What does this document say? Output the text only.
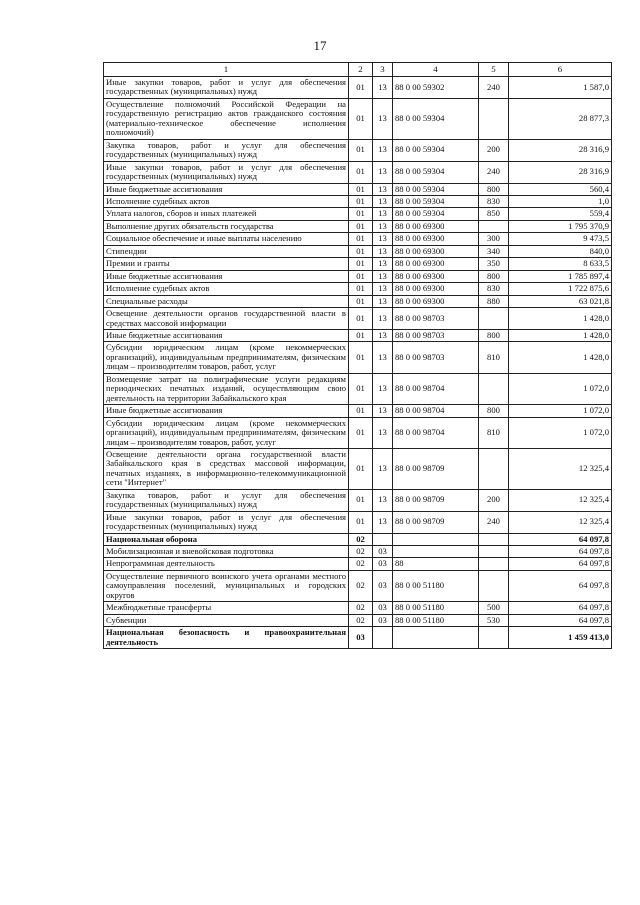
17
1	2	3	4	5	6
Иные закупки товаров, работ и услуг для обеспечения государственных (муниципальных) нужд	01	13	88 0 00 59302	240	1 587,0
Осуществление полномочий Российской Федерации на государственную регистрацию актов гражданского состояния (материально-техническое обеспечение исполнения полномочий)	01	13	88 0 00 59304		28 877,3
Закупка товаров, работ и услуг для обеспечения государственных (муниципальных) нужд	01	13	88 0 00 59304	200	28 316,9
Иные закупки товаров, работ и услуг для обеспечения государственных (муниципальных) нужд	01	13	88 0 00 59304	240	28 316,9
Иные бюджетные ассигнования	01	13	88 0 00 59304	800	560,4
Исполнение судебных актов	01	13	88 0 00 59304	830	1,0
Уплата налогов, сборов и иных платежей	01	13	88 0 00 59304	850	559,4
Выполнение других обязательств государства	01	13	88 0 00 69300		1 795 370,9
Социальное обеспечение и иные выплаты населению	01	13	88 0 00 69300	300	9 473,5
Стипендии	01	13	88 0 00 69300	340	840,0
Премии и гранты	01	13	88 0 00 69300	350	8 633,5
Иные бюджетные ассигнования	01	13	88 0 00 69300	800	1 785 897,4
Исполнение судебных актов	01	13	88 0 00 69300	830	1 722 875,6
Специальные расходы	01	13	88 0 00 69300	880	63 021,8
Освещение деятельности органов государственной власти в средствах массовой информации	01	13	88 0 00 98703		1 428,0
Иные бюджетные ассигнования	01	13	88 0 00 98703	800	1 428,0
Субсидии юридическим лицам (кроме некоммерческих организаций), индивидуальным предпринимателям, физическим лицам – производителям товаров, работ, услуг	01	13	88 0 00 98703	810	1 428,0
Возмещение затрат на полиграфические услуги редакциям периодических печатных изданий, осуществляющим свою деятельность на территории Забайкальского края	01	13	88 0 00 98704		1 072,0
Иные бюджетные ассигнования	01	13	88 0 00 98704	800	1 072,0
Субсидии юридическим лицам (кроме некоммерческих организаций), индивидуальным предпринимателям, физическим лицам – производителям товаров, работ, услуг	01	13	88 0 00 98704	810	1 072,0
Освещение деятельности органа государственной власти Забайкальского края в средствах массовой информации, печатных изданиях, в информационно-телекоммуникационной сети "Интернет"	01	13	88 0 00 98709		12 325,4
Закупка товаров, работ и услуг для обеспечения государственных (муниципальных) нужд	01	13	88 0 00 98709	200	12 325,4
Иные закупки товаров, работ и услуг для обеспечения государственных (муниципальных) нужд	01	13	88 0 00 98709	240	12 325,4
Национальная оборона	02				64 097,8
Мобилизационная и вневойсковая подготовка	02	03			64 097,8
Непрограммная деятельность	02	03	88		64 097,8
Осуществление первичного воинского учета органами местного самоуправления поселений, муниципальных и городских округов	02	03	88 0 00 51180		64 097,8
Межбюджетные трансферты	02	03	88 0 00 51180	500	64 097,8
Субвенции	02	03	88 0 00 51180	530	64 097,8
Национальная безопасность и правоохранительная деятельность	03				1 459 413,0
